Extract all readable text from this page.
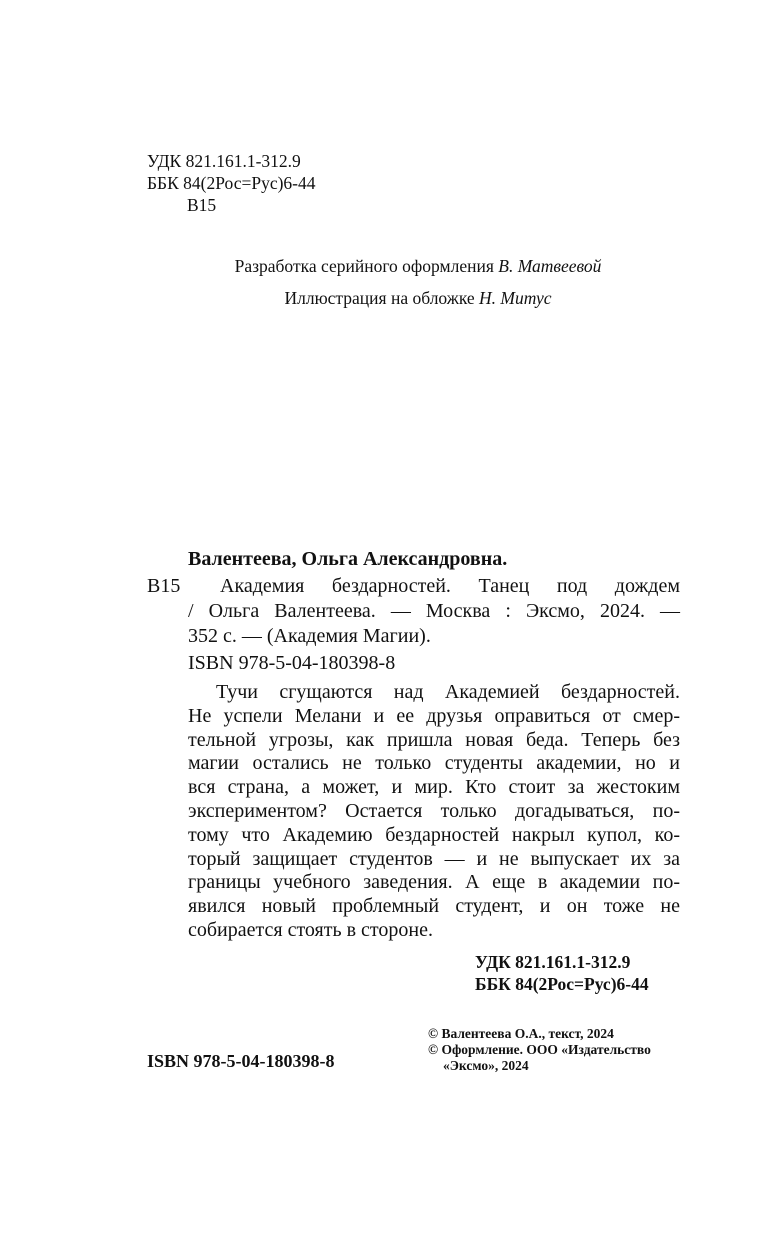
УДК 821.161.1-312.9
ББК 84(2Рос=Рус)6-44
В15
Разработка серийного оформления В. Матвеевой
Иллюстрация на обложке Н. Митус
Валентеева, Ольга Александровна.
В15 Академия бездарностей. Танец под дождем
/ Ольга Валентеева. — Москва : Эксмо, 2024. —
352 с. — (Академия Магии).
ISBN 978-5-04-180398-8
Тучи сгущаются над Академией бездарностей.
Не успели Мелани и ее друзья оправиться от смер-
тельной угрозы, как пришла новая беда. Теперь без
магии остались не только студенты академии, но и
вся страна, а может, и мир. Кто стоит за жестоким
экспериментом? Остается только догадываться, по-
тому что Академию бездарностей накрыл купол, ко-
торый защищает студентов — и не выпускает их за
границы учебного заведения. А еще в академии по-
явился новый проблемный студент, и он тоже не
собирается стоять в стороне.
УДК 821.161.1-312.9
ББК 84(2Рос=Рус)6-44
ISBN 978-5-04-180398-8
© Валентеева О.А., текст, 2024
© Оформление. ООО «Издательство
«Эксмо», 2024
